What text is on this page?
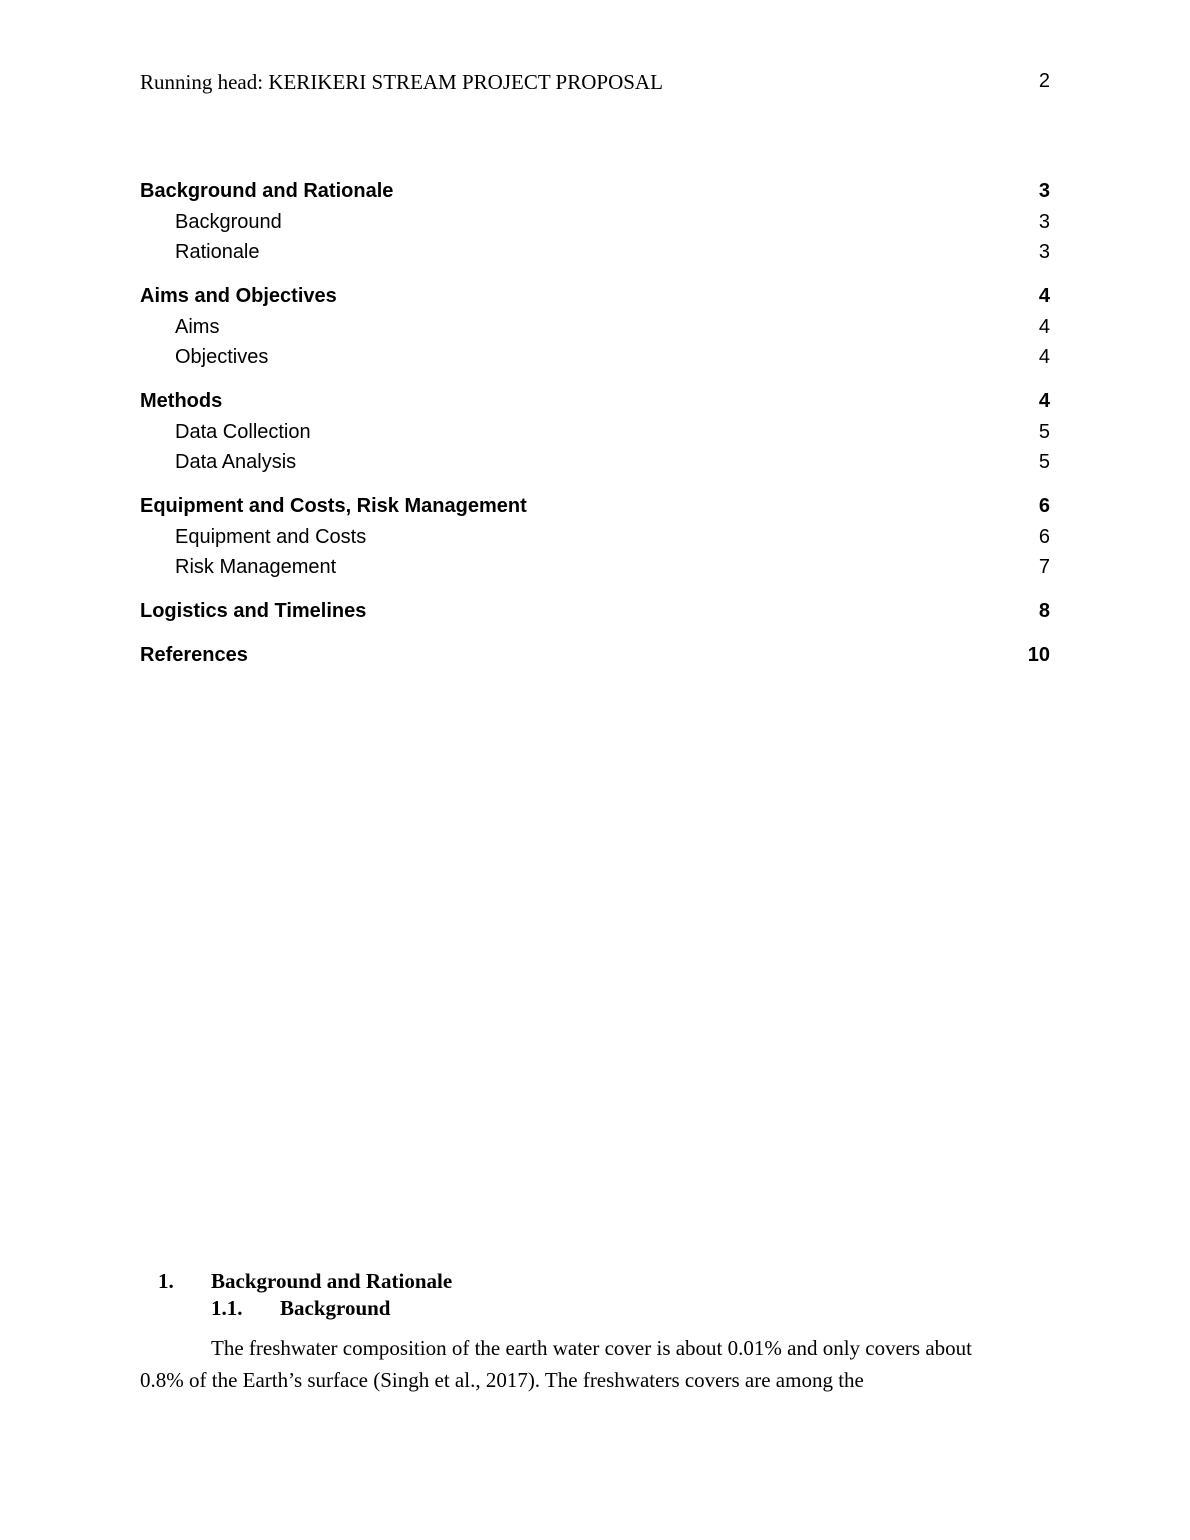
Running head: KERIKERI STREAM PROJECT PROPOSAL	2
Background and Rationale	3
Background	3
Rationale	3
Aims and Objectives	4
Aims	4
Objectives	4
Methods	4
Data Collection	5
Data Analysis	5
Equipment and Costs, Risk Management	6
Equipment and Costs	6
Risk Management	7
Logistics and Timelines	8
References	10
1. Background and Rationale
1.1. Background

The freshwater composition of the earth water cover is about 0.01% and only covers about 0.8% of the Earth’s surface (Singh et al., 2017). The freshwaters covers are among the
